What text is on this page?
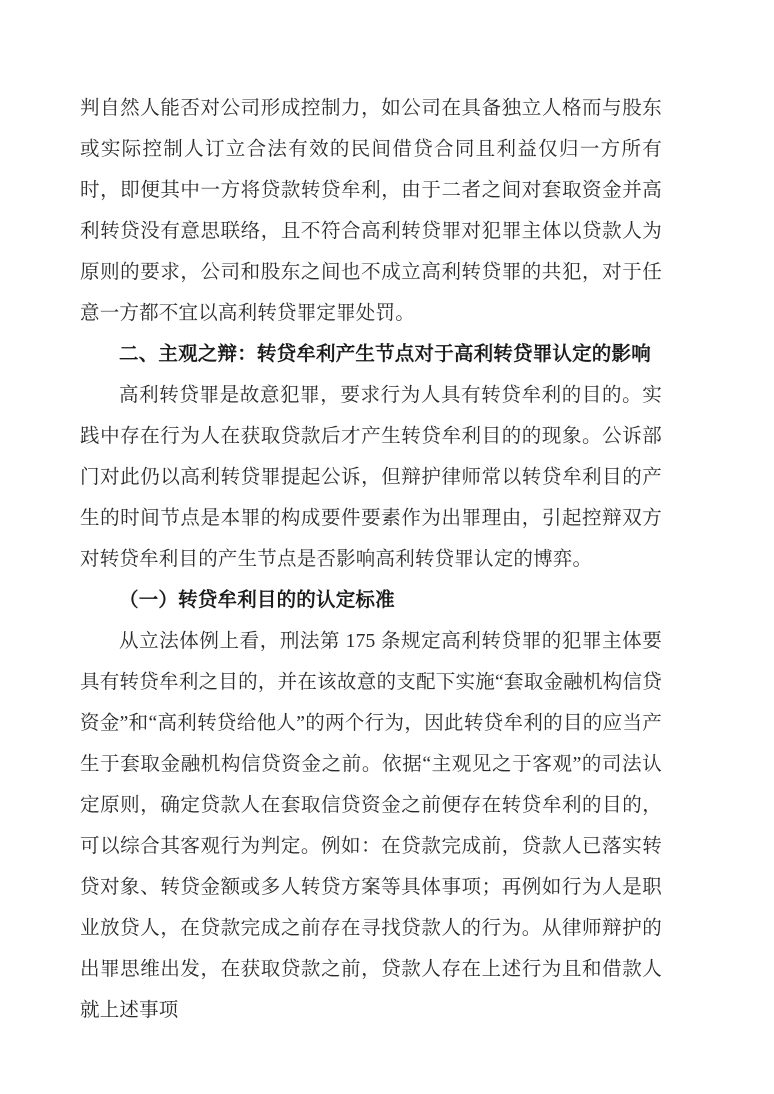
判自然人能否对公司形成控制力，如公司在具备独立人格而与股东或实际控制人订立合法有效的民间借贷合同且利益仅归一方所有时，即便其中一方将贷款转贷牟利，由于二者之间对套取资金并高利转贷没有意思联络，且不符合高利转贷罪对犯罪主体以贷款人为原则的要求，公司和股东之间也不成立高利转贷罪的共犯，对于任意一方都不宜以高利转贷罪定罪处罚。

二、主观之辩：转贷牟利产生节点对于高利转贷罪认定的影响

高利转贷罪是故意犯罪，要求行为人具有转贷牟利的目的。实践中存在行为人在获取贷款后才产生转贷牟利目的的现象。公诉部门对此仍以高利转贷罪提起公诉，但辩护律师常以转贷牟利目的产生的时间节点是本罪的构成要件要素作为出罪理由，引起控辩双方对转贷牟利目的产生节点是否影响高利转贷罪认定的博弈。

（一）转贷牟利目的的认定标准

从立法体例上看，刑法第 175 条规定高利转贷罪的犯罪主体要具有转贷牟利之目的，并在该故意的支配下实施“套取金融机构信贷资金”和“高利转贷给他人”的两个行为，因此转贷牟利的目的应当产生于套取金融机构信贷资金之前。依据“主观见之于客观”的司法认定原则，确定贷款人在套取信贷资金之前便存在转贷牟利的目的，可以综合其客观行为判定。例如：在贷款完成前，贷款人已落实转贷对象、转贷金额或多人转贷方案等具体事项；再例如行为人是职业放贷人，在贷款完成之前存在寻找贷款人的行为。从律师辩护的出罪思维出发，在获取贷款之前，贷款人存在上述行为且和借款人就上述事项
